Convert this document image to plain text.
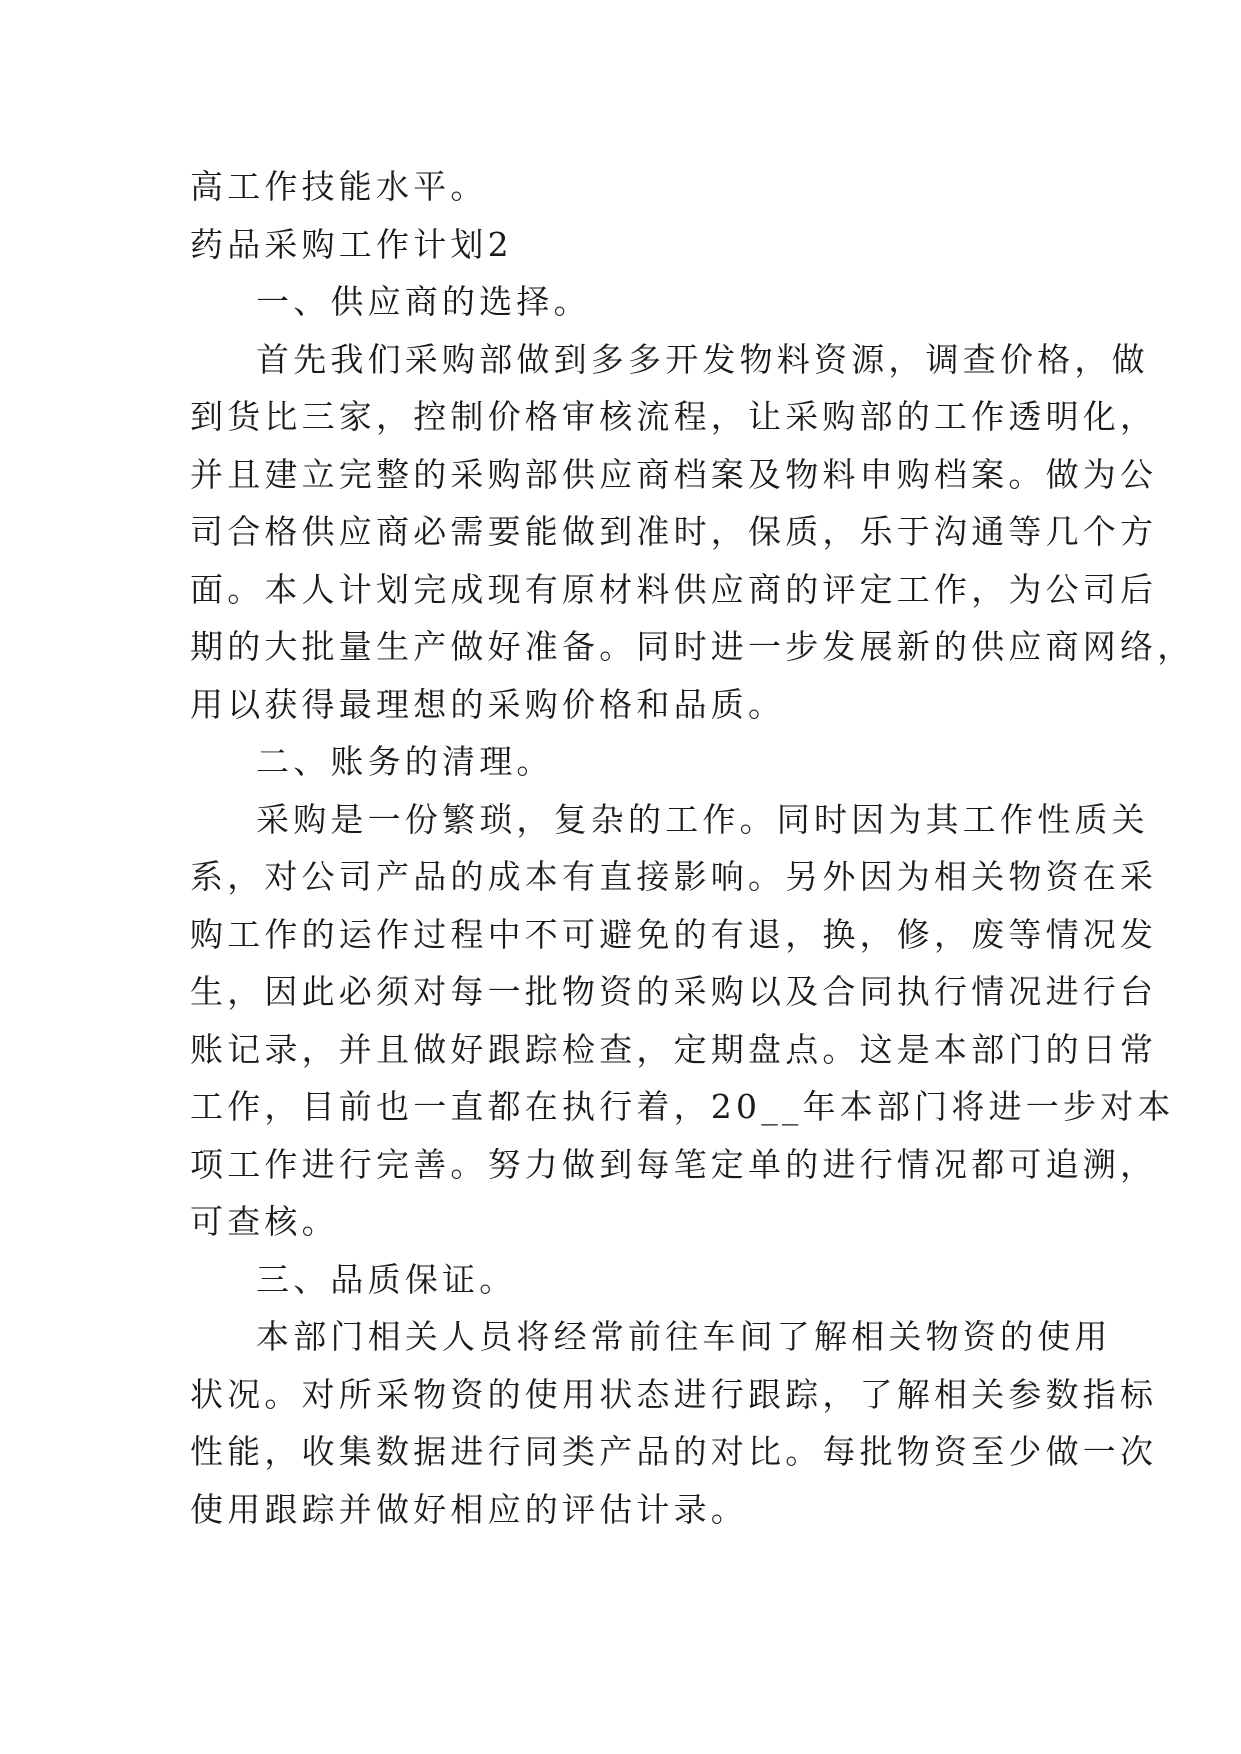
高工作技能水平。
药品采购工作计划2
一、供应商的选择。
首先我们采购部做到多多开发物料资源，调查价格，做
到货比三家，控制价格审核流程，让采购部的工作透明化，
并且建立完整的采购部供应商档案及物料申购档案。做为公
司合格供应商必需要能做到准时，保质，乐于沟通等几个方
面。本人计划完成现有原材料供应商的评定工作，为公司后
期的大批量生产做好准备。同时进一步发展新的供应商网络，
用以获得最理想的采购价格和品质。
二、账务的清理。
采购是一份繁琐，复杂的工作。同时因为其工作性质关
系，对公司产品的成本有直接影响。另外因为相关物资在采
购工作的运作过程中不可避免的有退，换，修，废等情况发
生，因此必须对每一批物资的采购以及合同执行情况进行台
账记录，并且做好跟踪检查，定期盘点。这是本部门的日常
工作，目前也一直都在执行着，20__年本部门将进一步对本
项工作进行完善。努力做到每笔定单的进行情况都可追溯，
可查核。
三、品质保证。
本部门相关人员将经常前往车间了解相关物资的使用
状况。对所采物资的使用状态进行跟踪，了解相关参数指标
性能，收集数据进行同类产品的对比。每批物资至少做一次
使用跟踪并做好相应的评估计录。
